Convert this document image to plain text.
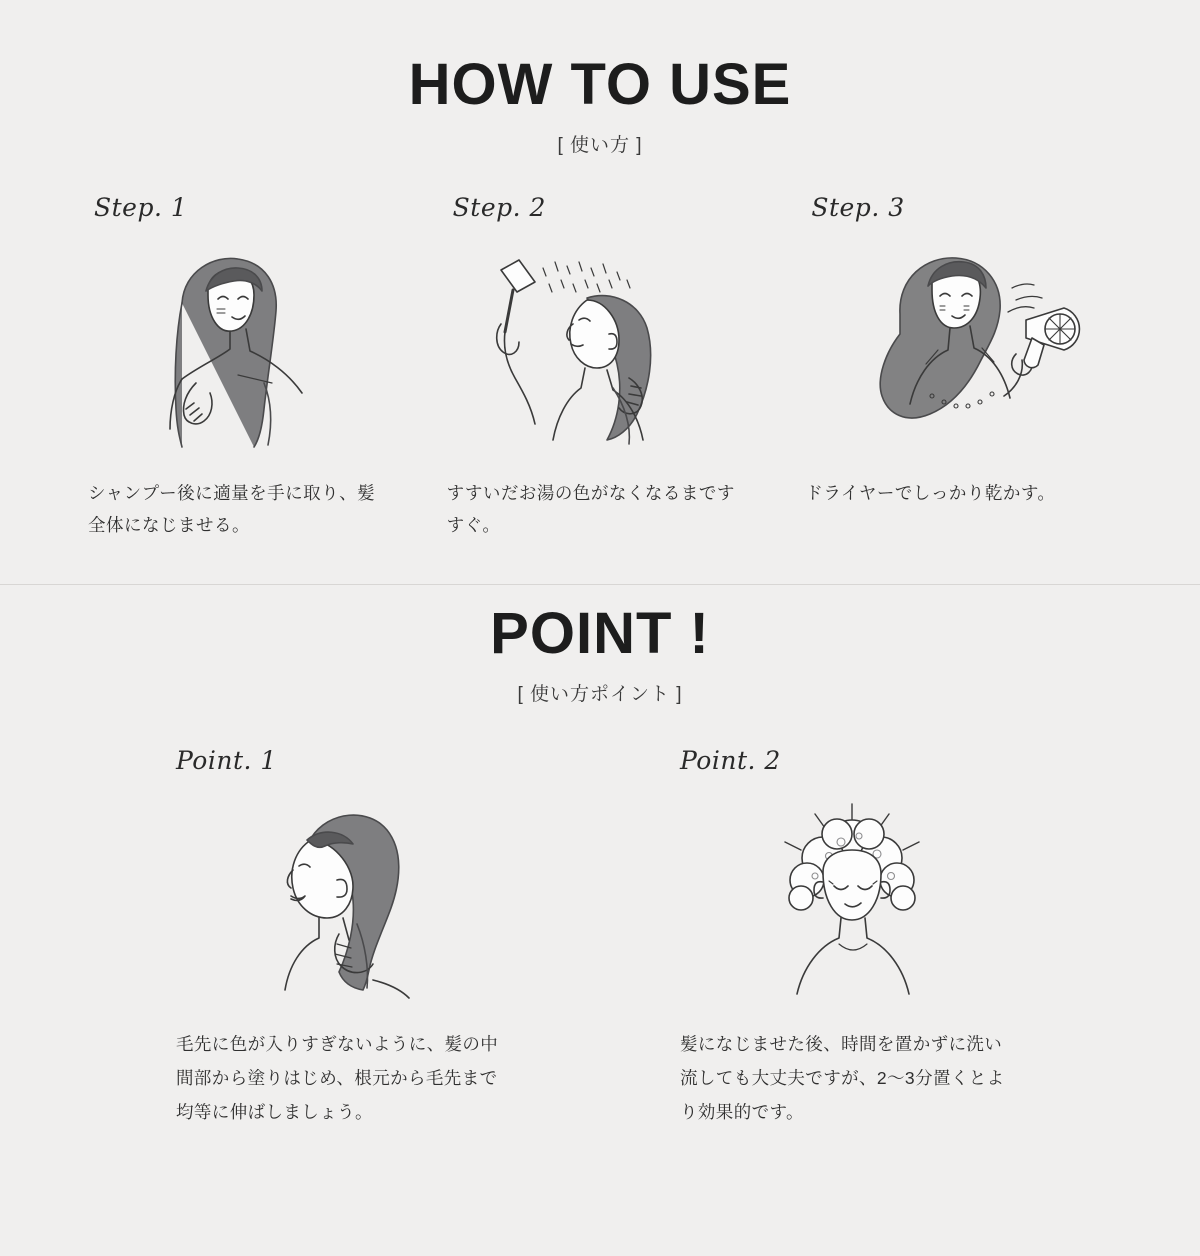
HOW TO USE
[ 使い方 ]
Step. 1
シャンプー後に適量を手に取り、髪全体になじませる。
Step. 2
すすいだお湯の色がなくなるまですすぐ。
Step. 3
ドライヤーでしっかり乾かす。
POINT !
[ 使い方ポイント ]
Point. 1
毛先に色が入りすぎないように、髪の中間部から塗りはじめ、根元から毛先まで均等に伸ばしましょう。
Point. 2
髪になじませた後、時間を置かずに洗い流しても大丈夫ですが、2〜3分置くとより効果的です。
